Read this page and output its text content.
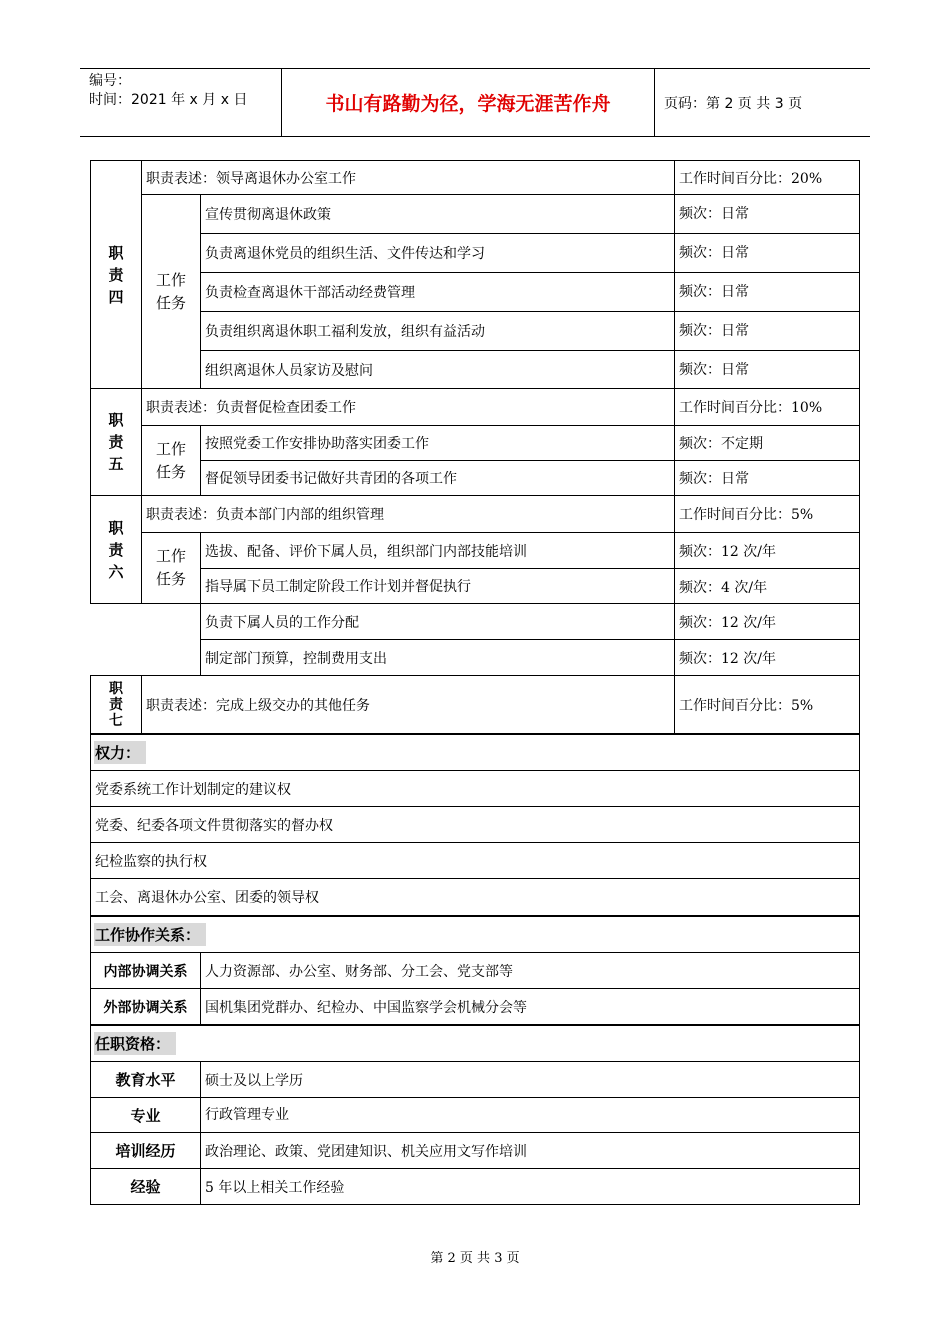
编号：
时间：2021 年 x 月 x 日	书山有路勤为径，学海无涯苦作舟	页码：第 2 页 共 3 页
职
责
四
职责表述：领导离退休办公室工作	工作时间百分比：20%
工作
任务
宣传贯彻离退休政策	频次：日常
负责离退休党员的组织生活、文件传达和学习	频次：日常
负责检查离退休干部活动经费管理	频次：日常
负责组织离退休职工福利发放，组织有益活动	频次：日常
组织离退休人员家访及慰问	频次：日常
职
责
五
职责表述：负责督促检查团委工作	工作时间百分比：10%
工作
任务
按照党委工作安排协助落实团委工作	频次：不定期
督促领导团委书记做好共青团的各项工作	频次：日常
职
责
六
职责表述：负责本部门内部的组织管理	工作时间百分比：5%
工作
任务
选拔、配备、评价下属人员，组织部门内部技能培训	频次：12 次/年
指导属下员工制定阶段工作计划并督促执行	频次：4 次/年
负责下属人员的工作分配	频次：12 次/年
制定部门预算，控制费用支出	频次：12 次/年
职
责
七
职责表述：完成上级交办的其他任务	工作时间百分比：5%
权力：
党委系统工作计划制定的建议权
党委、纪委各项文件贯彻落实的督办权
纪检监察的执行权
工会、离退休办公室、团委的领导权
工作协作关系：
内部协调关系	人力资源部、办公室、财务部、分工会、党支部等
外部协调关系	国机集团党群办、纪检办、中国监察学会机械分会等
任职资格：
教育水平	硕士及以上学历
专业	行政管理专业
培训经历	政治理论、政策、党团建知识、机关应用文写作培训
经验	5 年以上相关工作经验
第 2 页 共 3 页
